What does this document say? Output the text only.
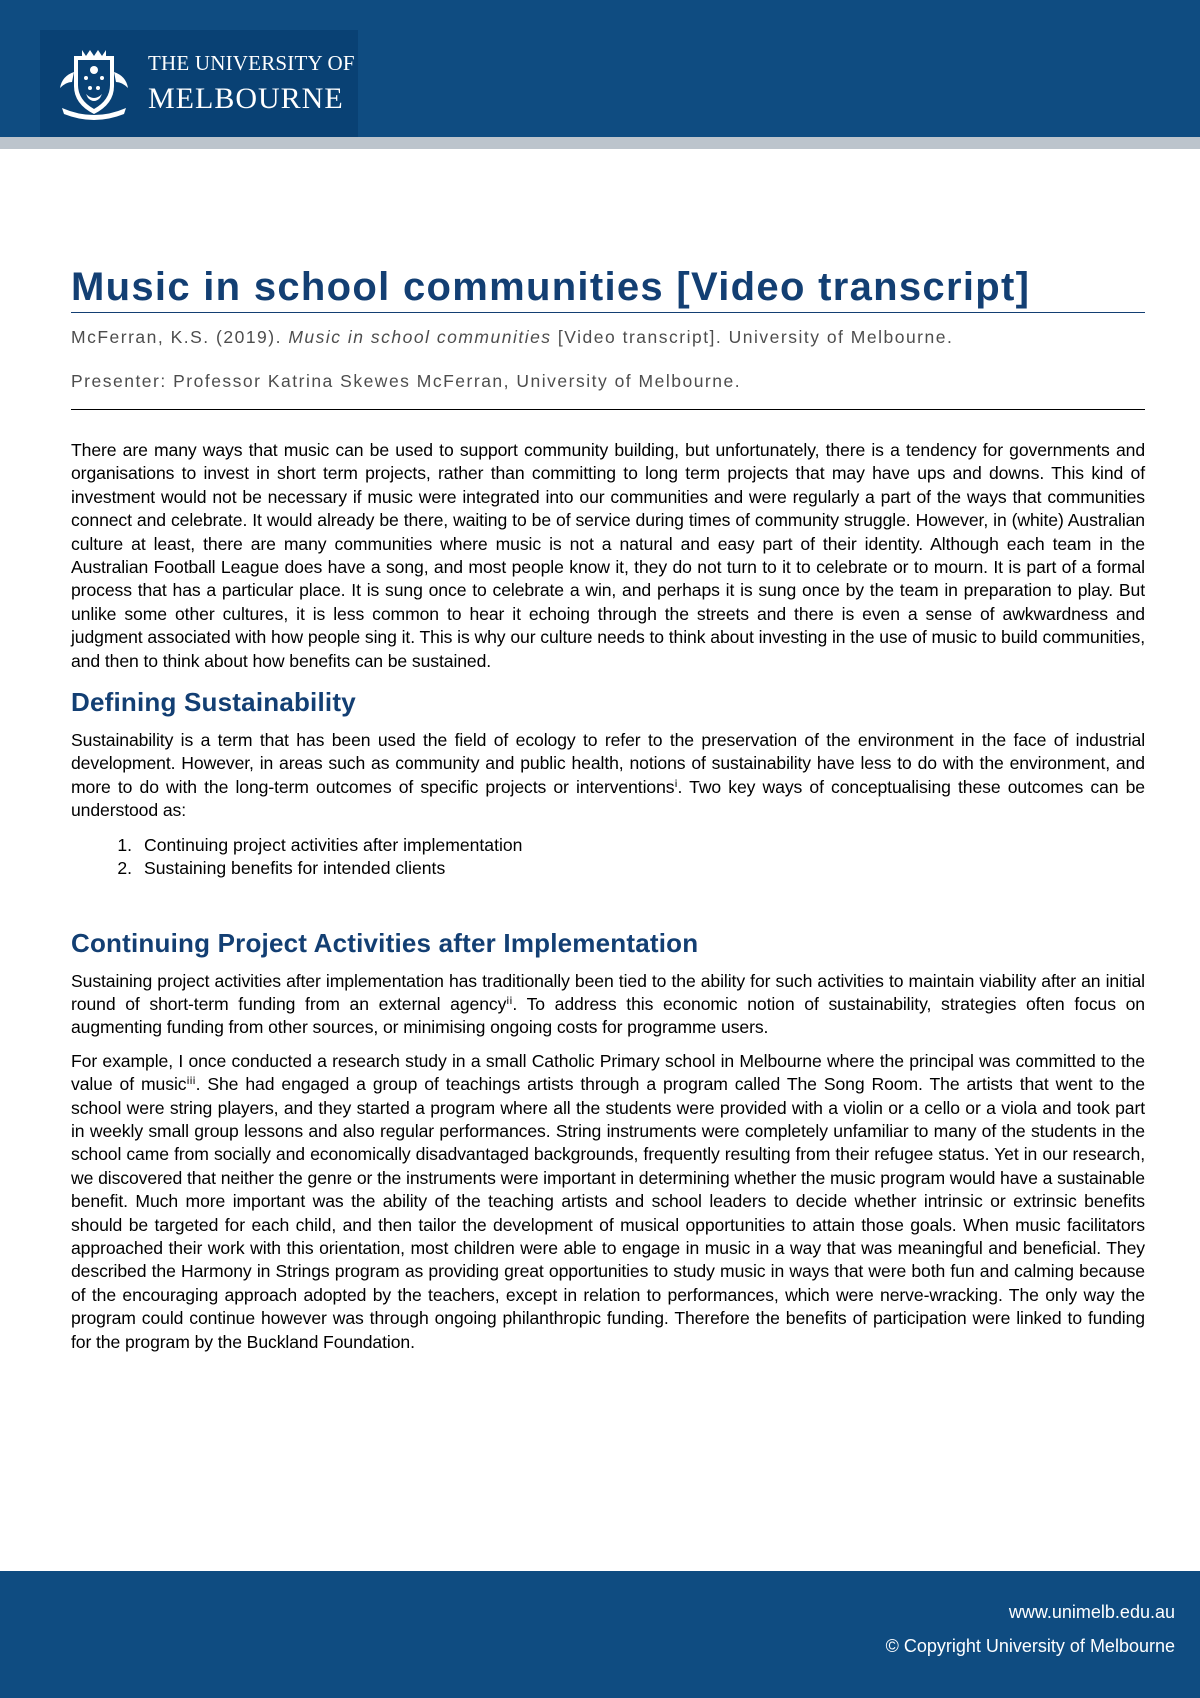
THE UNIVERSITY OF
MELBOURNE
Music in school communities [Video transcript]
McFerran, K.S. (2019). Music in school communities [Video transcript]. University of Melbourne.
Presenter: Professor Katrina Skewes McFerran, University of Melbourne.

There are many ways that music can be used to support community building, but unfortunately, there is a tendency for governments and organisations to invest in short term projects, rather than committing to long term projects that may have ups and downs. This kind of investment would not be necessary if music were integrated into our communities and were regularly a part of the ways that communities connect and celebrate. It would already be there, waiting to be of service during times of community struggle. However, in (white) Australian culture at least, there are many communities where music is not a natural and easy part of their identity. Although each team in the Australian Football League does have a song, and most people know it, they do not turn to it to celebrate or to mourn. It is part of a formal process that has a particular place. It is sung once to celebrate a win, and perhaps it is sung once by the team in preparation to play. But unlike some other cultures, it is less common to hear it echoing through the streets and there is even a sense of awkwardness and judgment associated with how people sing it. This is why our culture needs to think about investing in the use of music to build communities, and then to think about how benefits can be sustained.

Defining Sustainability

Sustainability is a term that has been used the field of ecology to refer to the preservation of the environment in the face of industrial development. However, in areas such as community and public health, notions of sustainability have less to do with the environment, and more to do with the long-term outcomes of specific projects or interventionsⁱ. Two key ways of conceptualising these outcomes can be understood as:

1. Continuing project activities after implementation
2. Sustaining benefits for intended clients
Continuing Project Activities after Implementation

Sustaining project activities after implementation has traditionally been tied to the ability for such activities to maintain viability after an initial round of short-term funding from an external agencyⁱⁱ. To address this economic notion of sustainability, strategies often focus on augmenting funding from other sources, or minimising ongoing costs for programme users.

For example, I once conducted a research study in a small Catholic Primary school in Melbourne where the principal was committed to the value of musicⁱⁱⁱ. She had engaged a group of teachings artists through a program called The Song Room. The artists that went to the school were string players, and they started a program where all the students were provided with a violin or a cello or a viola and took part in weekly small group lessons and also regular performances. String instruments were completely unfamiliar to many of the students in the school came from socially and economically disadvantaged backgrounds, frequently resulting from their refugee status. Yet in our research, we discovered that neither the genre or the instruments were important in determining whether the music program would have a sustainable benefit. Much more important was the ability of the teaching artists and school leaders to decide whether intrinsic or extrinsic benefits should be targeted for each child, and then tailor the development of musical opportunities to attain those goals. When music facilitators approached their work with this orientation, most children were able to engage in music in a way that was meaningful and beneficial. They described the Harmony in Strings program as providing great opportunities to study music in ways that were both fun and calming because of the encouraging approach adopted by the teachers, except in relation to performances, which were nerve-wracking. The only way the program could continue however was through ongoing philanthropic funding. Therefore the benefits of participation were linked to funding for the program by the Buckland Foundation.

www.unimelb.edu.au
© Copyright University of Melbourne
